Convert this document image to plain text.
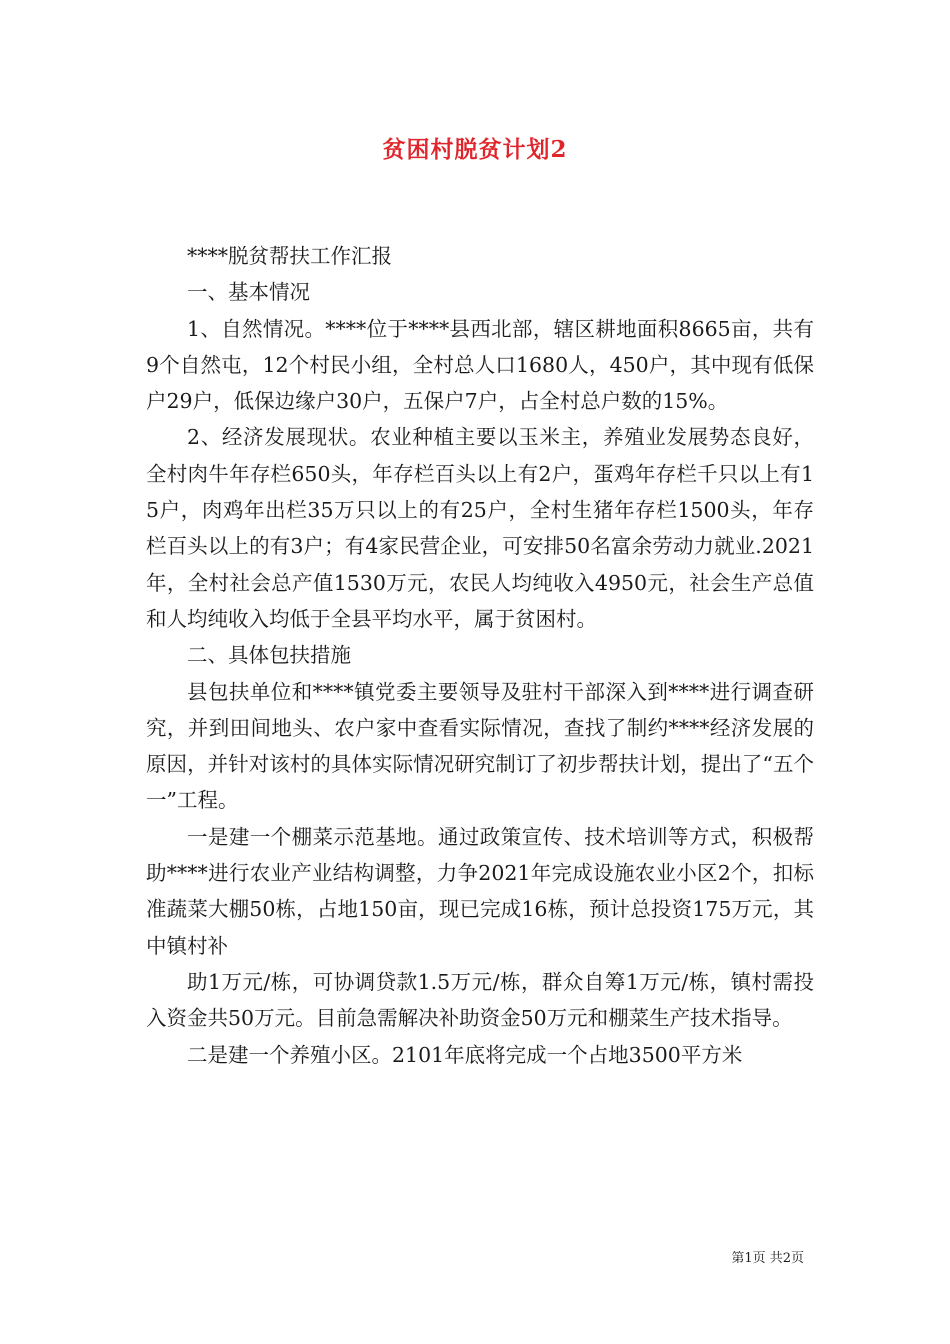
贫困村脱贫计划2

****脱贫帮扶工作汇报

一、基本情况

1、自然情况。****位于****县西北部，辖区耕地面积8665亩，共有9个自然屯，12个村民小组，全村总人口1680人，450户，其中现有低保户29户，低保边缘户30户，五保户7户，占全村总户数的15%。

2、经济发展现状。农业种植主要以玉米主，养殖业发展势态良好，全村肉牛年存栏650头，年存栏百头以上有2户，蛋鸡年存栏千只以上有15户，肉鸡年出栏35万只以上的有25户，全村生猪年存栏1500头，年存栏百头以上的有3户；有4家民营企业，可安排50名富余劳动力就业.2021年，全村社会总产值1530万元，农民人均纯收入4950元，社会生产总值和人均纯收入均低于全县平均水平，属于贫困村。

二、具体包扶措施

县包扶单位和****镇党委主要领导及驻村干部深入到****进行调查研究，并到田间地头、农户家中查看实际情况，查找了制约****经济发展的原因，并针对该村的具体实际情况研究制订了初步帮扶计划，提出了“五个一”工程。

一是建一个棚菜示范基地。通过政策宣传、技术培训等方式，积极帮助****进行农业产业结构调整，力争2021年完成设施农业小区2个，扣标准蔬菜大棚50栋，占地150亩，现已完成16栋，预计总投资175万元，其中镇村补

助1万元/栋，可协调贷款1.5万元/栋，群众自筹1万元/栋，镇村需投入资金共50万元。目前急需解决补助资金50万元和棚菜生产技术指导。

二是建一个养殖小区。2101年底将完成一个占地3500平方米

第1页 共2页
